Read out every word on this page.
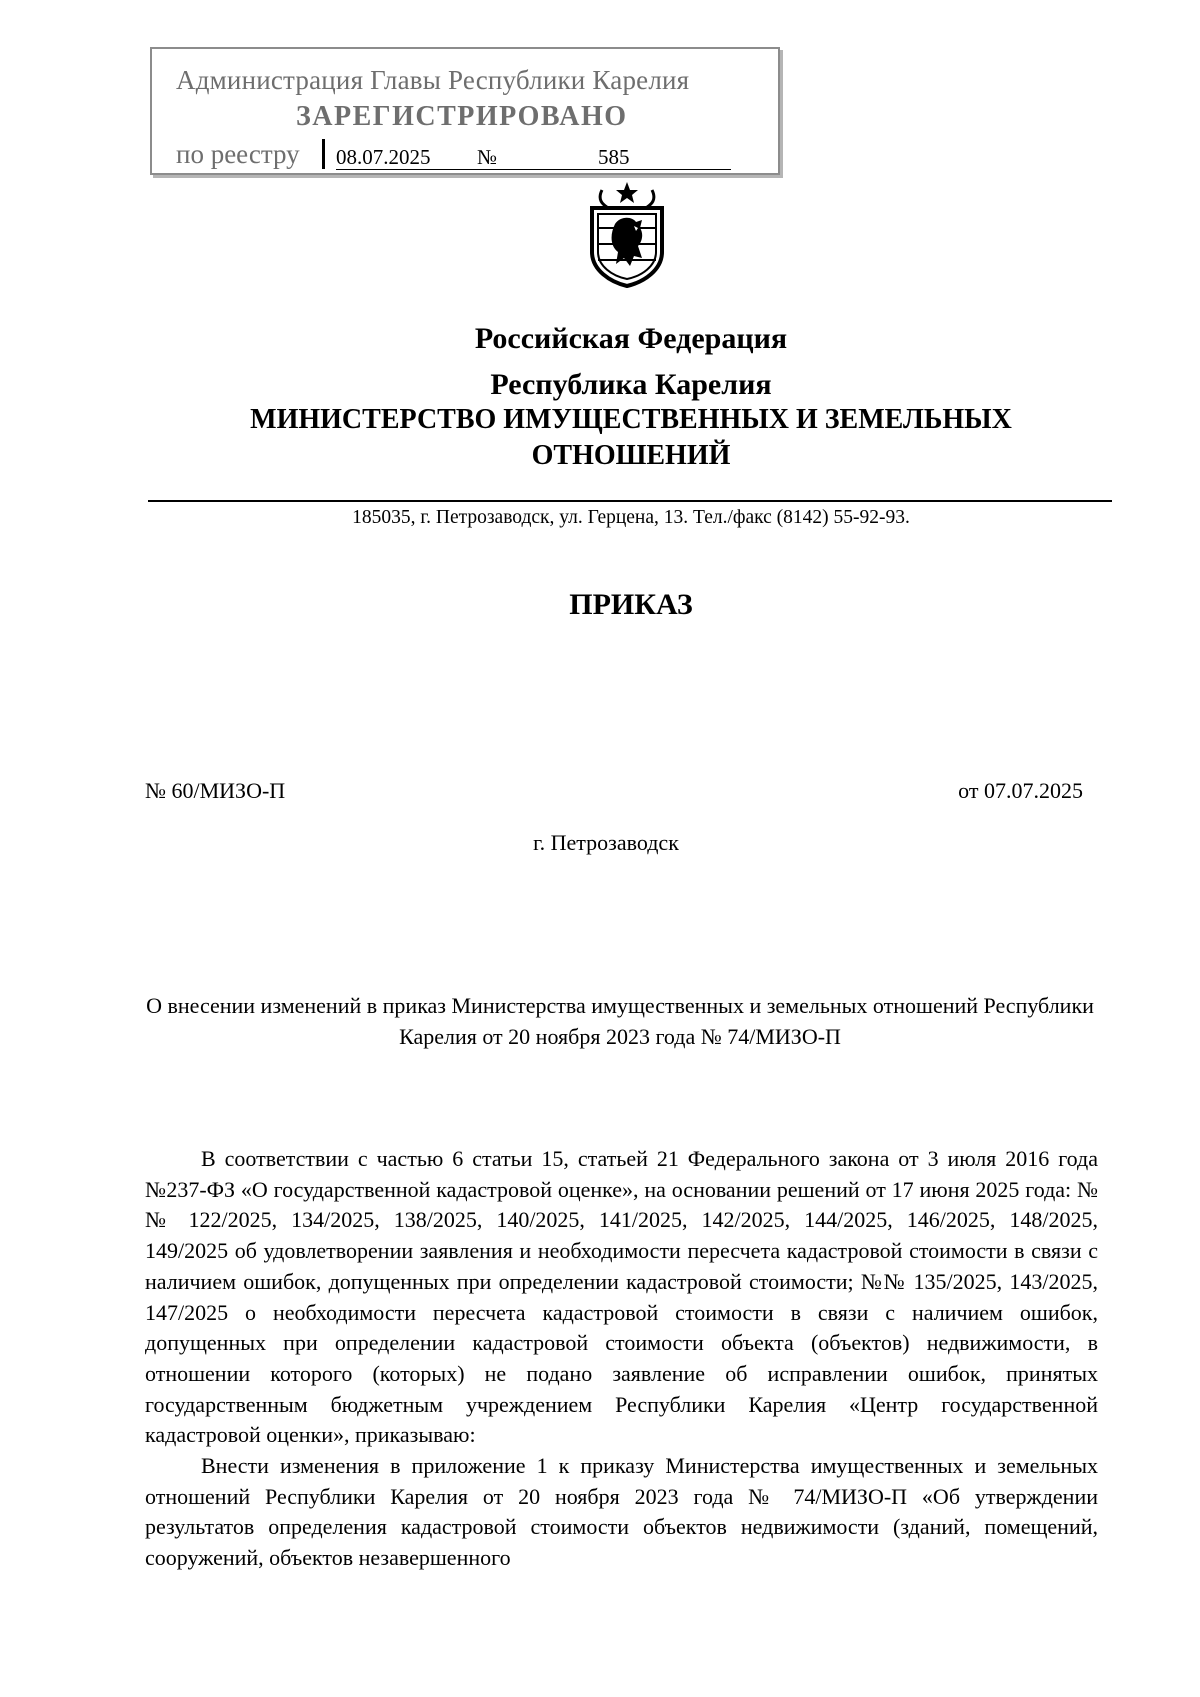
Администрация Главы Республики Карелия
ЗАРЕГИСТРИРОВАНО
по реестру 08.07.2025 №	585
Российская Федерация
Республика Карелия
МИНИСТЕРСТВО ИМУЩЕСТВЕННЫХ И ЗЕМЕЛЬНЫХ
ОТНОШЕНИЙ
185035, г. Петрозаводск, ул. Герцена, 13. Тел./факс (8142) 55-92-93.
ПРИКАЗ
№ 60/МИЗО-П	от 07.07.2025
г. Петрозаводск
О внесении изменений в приказ Министерства имущественных и земельных отношений Республики Карелия от 20 ноября 2023 года № 74/МИЗО-П

В соответствии с частью 6 статьи 15, статьей 21 Федерального закона от 3 июля 2016 года №237-ФЗ «О государственной кадастровой оценке», на основании решений от 17 июня 2025 года: №№ 122/2025, 134/2025, 138/2025, 140/2025, 141/2025, 142/2025, 144/2025, 146/2025, 148/2025, 149/2025 об удовлетворении заявления и необходимости пересчета кадастровой стоимости в связи с наличием ошибок, допущенных при определении кадастровой стоимости; №№ 135/2025, 143/2025, 147/2025 о необходимости пересчета кадастровой стоимости в связи с наличием ошибок, допущенных при определении кадастровой стоимости объекта (объектов) недвижимости, в отношении которого (которых) не подано заявление об исправлении ошибок, принятых государственным бюджетным учреждением Республики Карелия «Центр государственной кадастровой оценки», приказываю:

Внести изменения в приложение 1 к приказу Министерства имущественных и земельных отношений Республики Карелия от 20 ноября 2023 года № 74/МИЗО-П «Об утверждении результатов определения кадастровой стоимости объектов недвижимости (зданий, помещений, сооружений, объектов незавершенного
